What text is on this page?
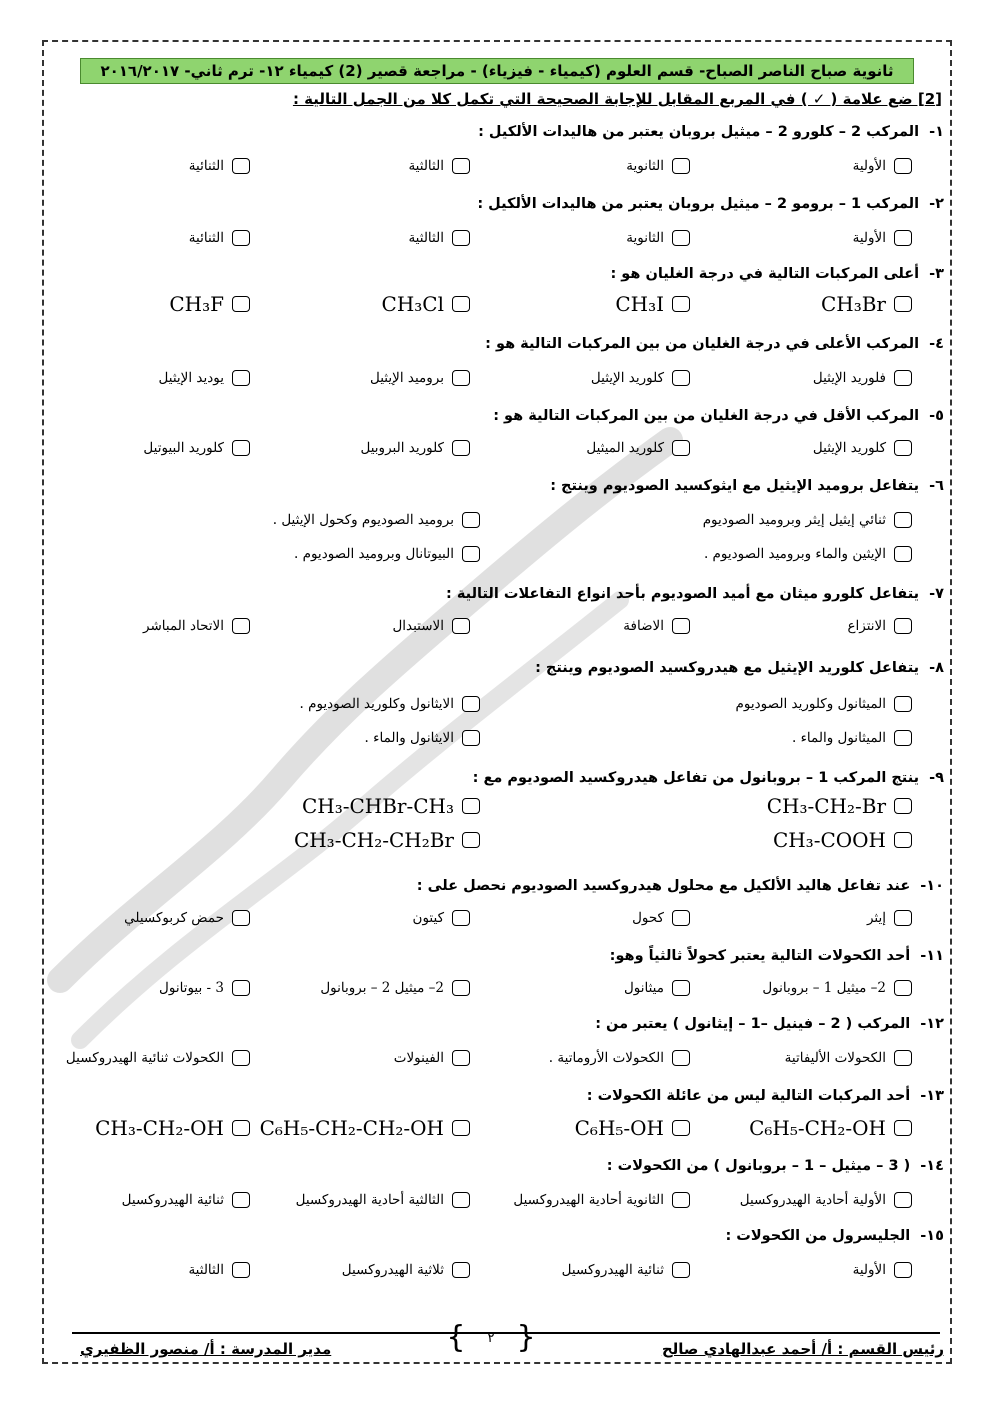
ثانوية صباح الناصر الصباح- قسم العلوم (كيمياء - فيزياء) - مراجعة قصير (2) كيمياء ١٢- ترم ثاني- ٢٠١٦/٢٠١٧
[2] ضع علامة ( ✓ ) في المربع المقابل للإجابة الصحيحة التي تكمل كلا من الجمل التالية :
١-المركب 2 – كلورو 2 – ميثيل بروبان يعتبر من هاليدات الألكيل :
الأولية
الثانوية
الثالثية
الثنائية
٢-المركب 1 – برومو 2 – ميثيل بروبان يعتبر من هاليدات الألكيل :
الأولية
الثانوية
الثالثية
الثنائية
٣-أعلى المركبات التالية في درجة الغليان هو :
CH₃Br
CH₃I
CH₃Cl
CH₃F
٤-المركب الأعلى في درجة الغليان من بين المركبات التالية هو :
فلوريد الإيثيل
كلوريد الإيثيل
بروميد الإيثيل
يوديد الإيثيل
٥-المركب الأقل في درجة الغليان من بين المركبات التالية هو :
كلوريد الإيثيل
كلوريد الميثيل
كلوريد البروبيل
كلوريد البيوتيل
٦-يتفاعل بروميد الإيثيل مع ايثوكسيد الصوديوم وينتج :
ثنائي إيثيل إيثر وبروميد الصوديوم
بروميد الصوديوم وكحول الإيثيل .
الإيثين والماء وبروميد الصوديوم .
البيوتانال وبروميد الصوديوم .
٧-يتفاعل كلورو ميثان مع أميد الصوديوم بأحد انواع التفاعلات التالية :
الانتزاع
الاضافة
الاستبدال
الاتحاد المباشر
٨-يتفاعل كلوريد الإيثيل مع هيدروكسيد الصوديوم وينتج :
الميثانول وكلوريد الصوديوم
الايثانول وكلوريد الصوديوم .
الميثانول والماء .
الايثانول والماء .
٩-ينتج المركب 1 – بروبانول من تفاعل هيدروكسيد الصوديوم مع :
CH₃-CH₂-Br
CH₃-CHBr-CH₃
CH₃-COOH
CH₃-CH₂-CH₂Br
١٠-عند تفاعل هاليد الألكيل مع محلول هيدروكسيد الصوديوم نحصل على :
إيثر
كحول
كيتون
حمض كربوكسيلي
١١-أحد الكحولات التالية يعتبر كحولاً ثالثياً وهو:
2– ميثيل 1 – بروبانول
ميثانول
2– ميثيل 2 – بروبانول
3 - بيوتانول
١٢-المركب ( 2 – فينيل –1 – إيثانول ) يعتبر من :
الكحولات الأليفاتية
الكحولات الأروماتية .
الفينولات
الكحولات ثنائية الهيدروكسيل
١٣-أحد المركبات التالية ليس من عائلة الكحولات :
C₆H₅-CH₂-OH
C₆H₅-OH
C₆H₅-CH₂-CH₂-OH
CH₃-CH₂-OH
١٤-( 3 – ميثيل – 1 – بروبانول ) من الكحولات :
الأولية أحادية الهيدروكسيل
الثانوية أحادية الهيدروكسيل
الثالثية أحادية الهيدروكسيل
ثنائية الهيدروكسيل
١٥-الجليسرول من الكحولات :
الأولية
ثنائية الهيدروكسيل
ثلاثية الهيدروكسيل
الثالثية
مدير المدرسة : أ/ منصور الظفيري	{ ٢ }	رئيس القسم : أ/ أحمد عبدالهادي صالح
